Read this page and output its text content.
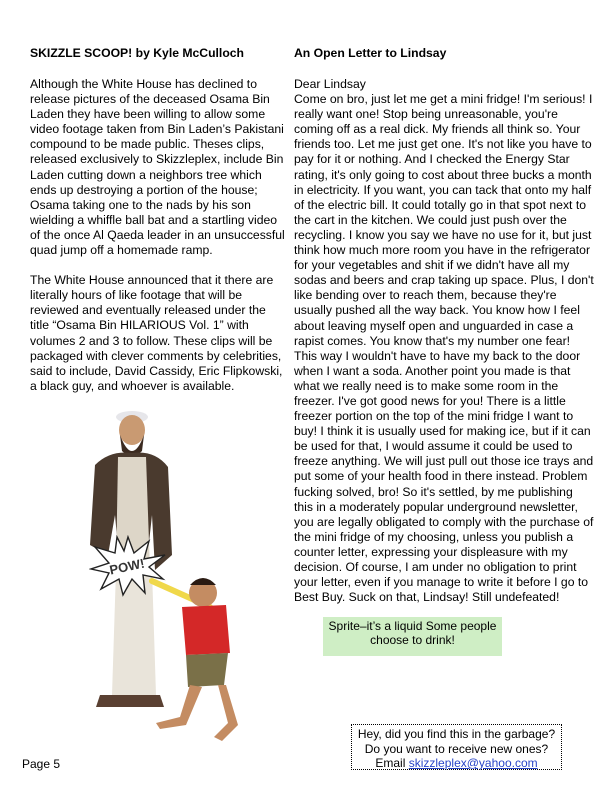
SKIZZLE SCOOP! by Kyle McCulloch

Although the White House has declined to release pictures of the deceased Osama Bin Laden they have been willing to allow some video footage taken from Bin Laden’s Pakistani compound to be made public. Theses clips, released exclusively to Skizzleplex, include Bin Laden cutting down a neighbors tree which ends up destroying a portion of the house; Osama taking one to the nads by his son wielding a whiffle ball bat and a startling video of the once Al Qaeda leader in an unsuccessful quad jump off a homemade ramp.

The White House announced that it there are literally hours of like footage that will be reviewed and eventually released under the title “Osama Bin HILARIOUS Vol. 1” with volumes 2 and 3 to follow. These clips will be packaged with clever comments by celebrities, said to include, David Cassidy, Eric Flipkowski, a black guy, and whoever is available.

An Open Letter to Lindsay

Dear Lindsay

Come on bro, just let me get a mini fridge! I'm serious! I really want one! Stop being unreasonable, you're coming off as a real dick. My friends all think so. Your friends too. Let me just get one. It's not like you have to pay for it or nothing. And I checked the Energy Star rating, it's only going to cost about three bucks a month in electricity. If you want, you can tack that onto my half of the electric bill. It could totally go in that spot next to the cart in the kitchen. We could just push over the recycling. I know you say we have no use for it, but just think how much more room you have in the refrigerator for your vegetables and shit if we didn't have all my sodas and beers and crap taking up space. Plus, I don't like bending over to reach them, because they're usually pushed all the way back. You know how I feel about leaving myself open and unguarded in case a rapist comes. You know that's my number one fear! This way I wouldn't have to have my back to the door when I want a soda. Another point you made is that what we really need is to make some room in the freezer. I've got good news for you! There is a little freezer portion on the top of the mini fridge I want to buy! I think it is usually used for making ice, but if it can be used for that, I would assume it could be used to freeze anything. We will just pull out those ice trays and put some of your health food in there instead. Problem fucking solved, bro! So it's settled, by me publishing this in a moderately popular underground newsletter, you are legally obligated to comply with the purchase of the mini fridge of my choosing, unless you publish a counter letter, expressing your displeasure with my decision. Of course, I am under no obligation to print your letter, even if you manage to write it before I go to Best Buy. Suck on that, Lindsay! Still undefeated!

POW!
Sprite–it’s a liquid Some people
choose to drink!
Hey, did you find this in the garbage?
Do you want to receive new ones?
Email skizzleplex@yahoo.com
Page 5
